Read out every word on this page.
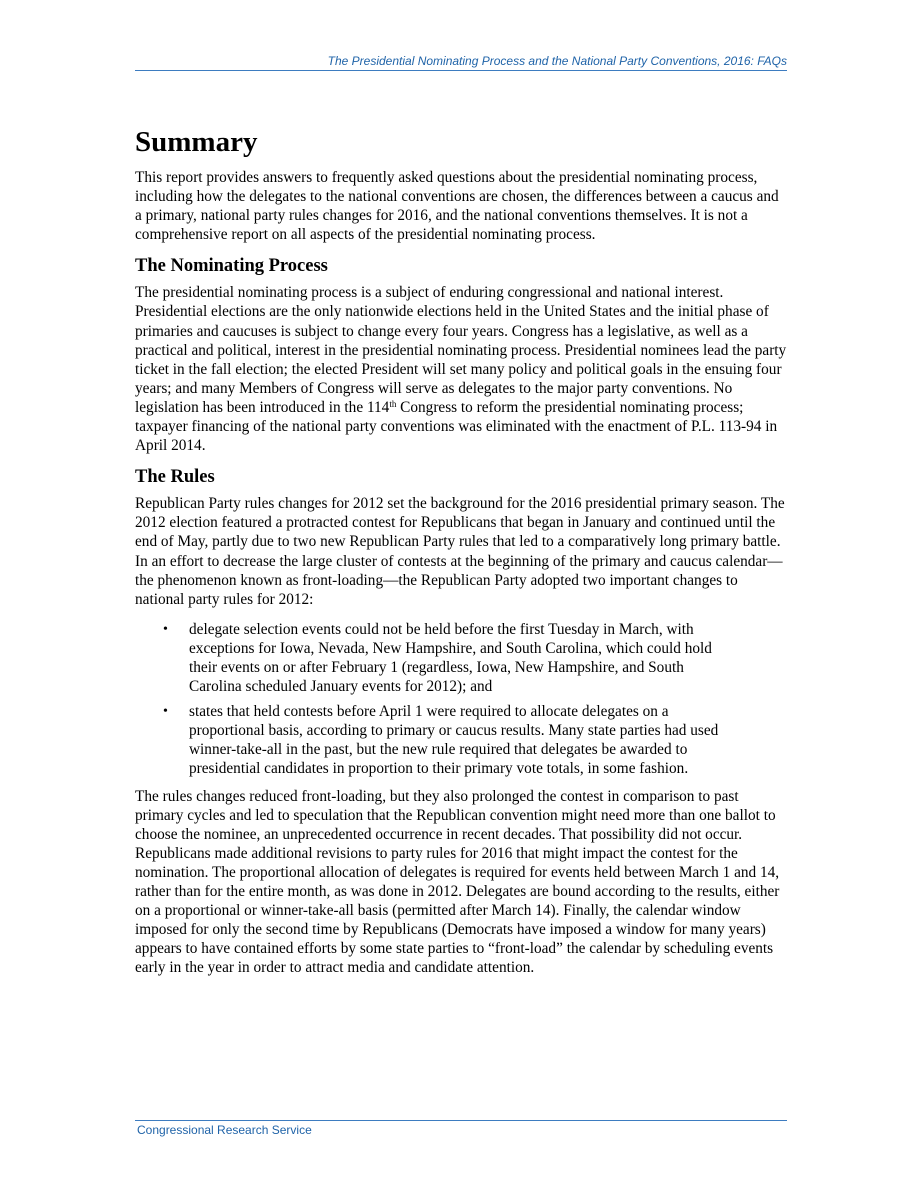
The Presidential Nominating Process and the National Party Conventions, 2016: FAQs
Summary

This report provides answers to frequently asked questions about the presidential nominating process, including how the delegates to the national conventions are chosen, the differences between a caucus and a primary, national party rules changes for 2016, and the national conventions themselves. It is not a comprehensive report on all aspects of the presidential nominating process.

The Nominating Process

The presidential nominating process is a subject of enduring congressional and national interest. Presidential elections are the only nationwide elections held in the United States and the initial phase of primaries and caucuses is subject to change every four years. Congress has a legislative, as well as a practical and political, interest in the presidential nominating process. Presidential nominees lead the party ticket in the fall election; the elected President will set many policy and political goals in the ensuing four years; and many Members of Congress will serve as delegates to the major party conventions. No legislation has been introduced in the 114th Congress to reform the presidential nominating process; taxpayer financing of the national party conventions was eliminated with the enactment of P.L. 113-94 in April 2014.

The Rules

Republican Party rules changes for 2012 set the background for the 2016 presidential primary season. The 2012 election featured a protracted contest for Republicans that began in January and continued until the end of May, partly due to two new Republican Party rules that led to a comparatively long primary battle. In an effort to decrease the large cluster of contests at the beginning of the primary and caucus calendar—the phenomenon known as front-loading—the Republican Party adopted two important changes to national party rules for 2012:

• delegate selection events could not be held before the first Tuesday in March, with exceptions for Iowa, Nevada, New Hampshire, and South Carolina, which could hold their events on or after February 1 (regardless, Iowa, New Hampshire, and South Carolina scheduled January events for 2012); and
• states that held contests before April 1 were required to allocate delegates on a proportional basis, according to primary or caucus results. Many state parties had used winner-take-all in the past, but the new rule required that delegates be awarded to presidential candidates in proportion to their primary vote totals, in some fashion.

The rules changes reduced front-loading, but they also prolonged the contest in comparison to past primary cycles and led to speculation that the Republican convention might need more than one ballot to choose the nominee, an unprecedented occurrence in recent decades. That possibility did not occur. Republicans made additional revisions to party rules for 2016 that might impact the contest for the nomination. The proportional allocation of delegates is required for events held between March 1 and 14, rather than for the entire month, as was done in 2012. Delegates are bound according to the results, either on a proportional or winner-take-all basis (permitted after March 14). Finally, the calendar window imposed for only the second time by Republicans (Democrats have imposed a window for many years) appears to have contained efforts by some state parties to “front-load” the calendar by scheduling events early in the year in order to attract media and candidate attention.

Congressional Research Service
